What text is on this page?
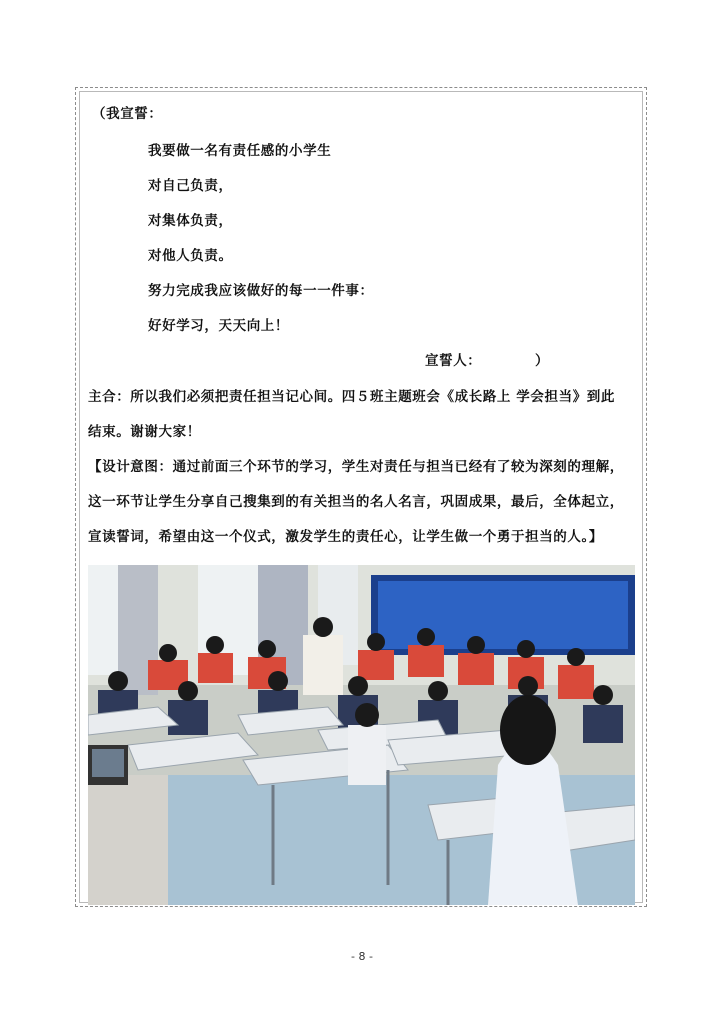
（我宣誓：
我要做一名有责任感的小学生
对自己负责，
对集体负责，
对他人负责。
努力完成我应该做好的每一一件事：
好好学习，天天向上！
宣誓人：	）
主合：所以我们必须把责任担当记心间。四５班主题班会《成长路上 学会担当》到此
结束。谢谢大家！
【设计意图：通过前面三个环节的学习，学生对责任与担当已经有了较为深刻的理解，
这一环节让学生分享自己搜集到的有关担当的名人名言，巩固成果，最后，全体起立，
宣读誓词，希望由这一个仪式，激发学生的责任心，让学生做一个勇于担当的人。】
- 8 -
